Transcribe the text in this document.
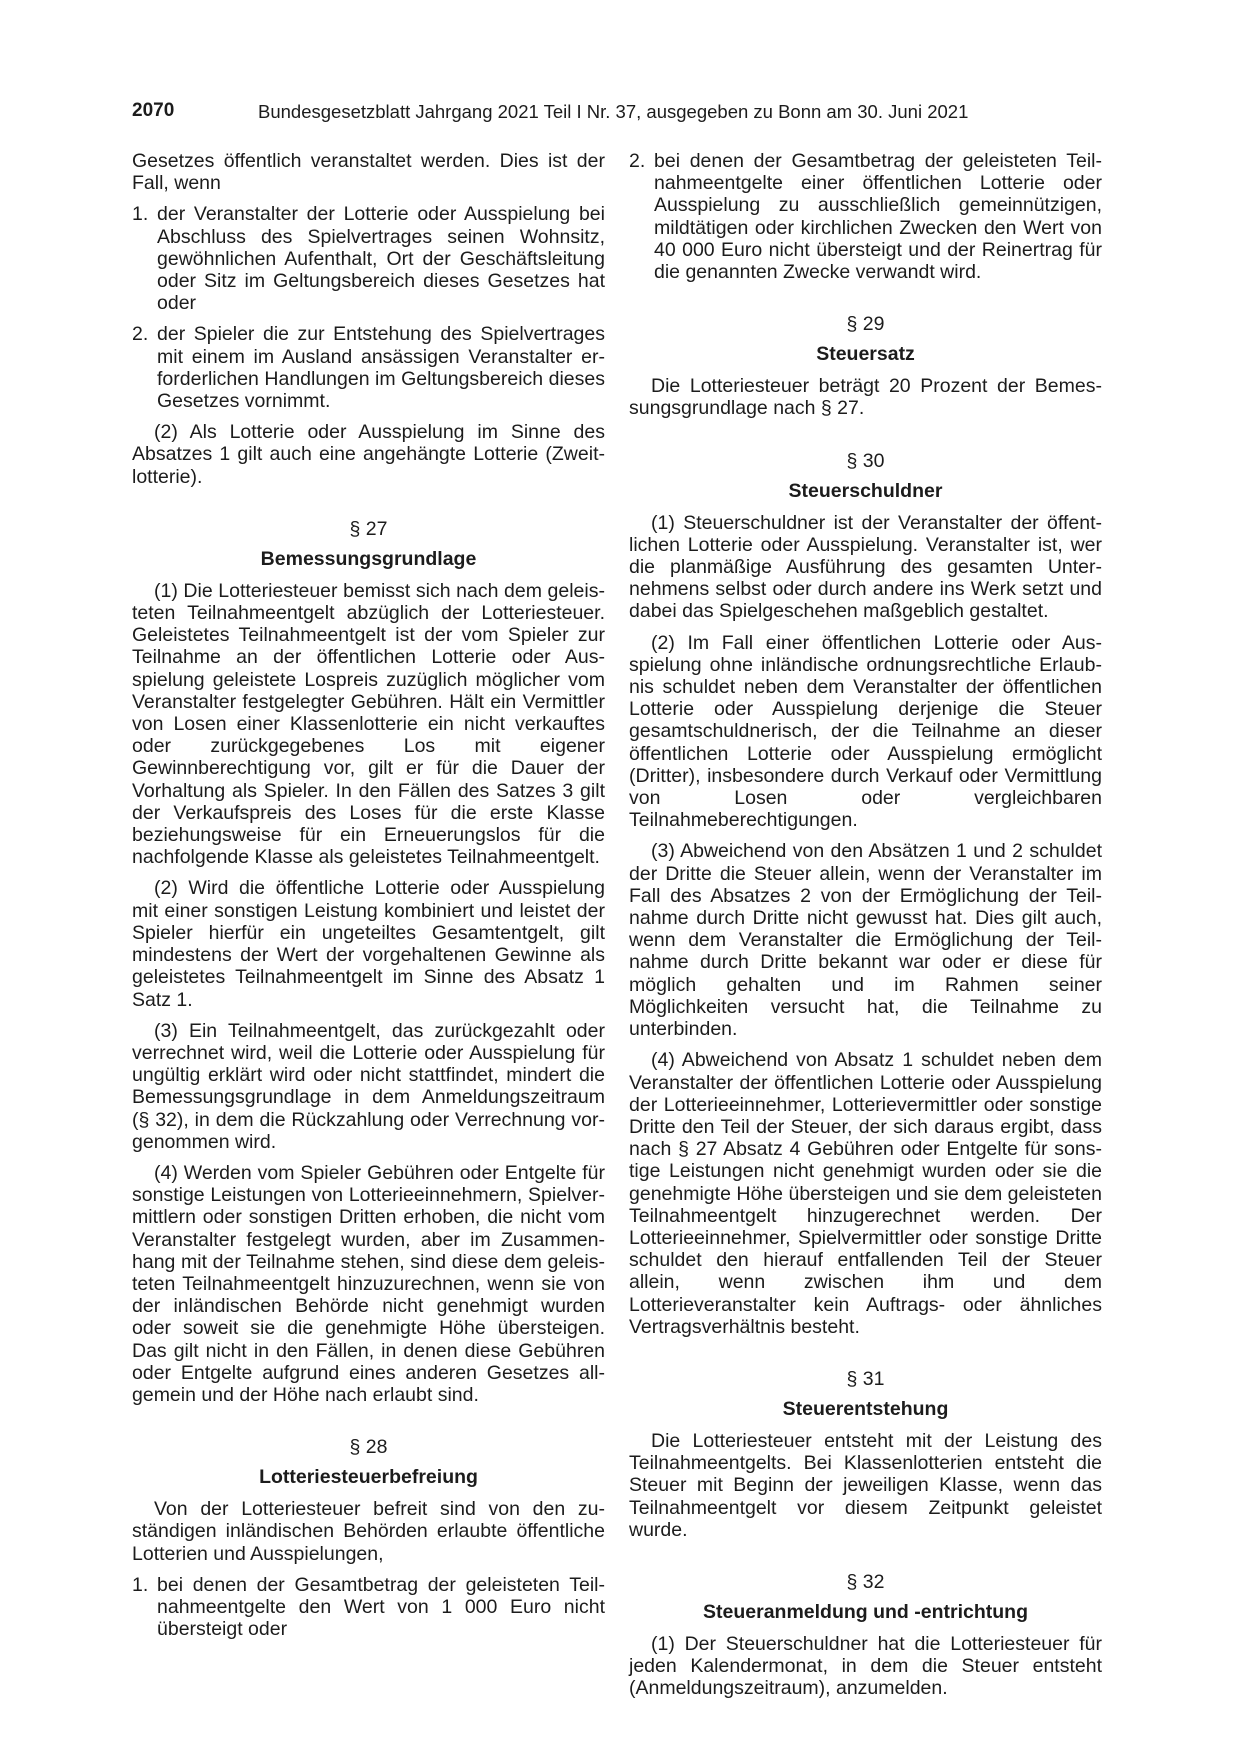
2070	Bundesgesetzblatt Jahrgang 2021 Teil I Nr. 37, ausgegeben zu Bonn am 30. Juni 2021

Gesetzes öffentlich veranstaltet werden. Dies ist der Fall, wenn

1. der Veranstalter der Lotterie oder Ausspielung bei Abschluss des Spielvertrages seinen Wohnsitz, gewöhnlichen Aufenthalt, Ort der Geschäftsleitung oder Sitz im Geltungsbereich dieses Gesetzes hat oder
2. der Spieler die zur Entstehung des Spielvertrages mit einem im Ausland ansässigen Veranstalter erforderlichen Handlungen im Geltungsbereich dieses Gesetzes vornimmt.

(2) Als Lotterie oder Ausspielung im Sinne des Absatzes 1 gilt auch eine angehängte Lotterie (Zweitlotterie).

§ 27
Bemessungsgrundlage

(1) Die Lotteriesteuer bemisst sich nach dem geleisteten Teilnahmeentgelt abzüglich der Lotteriesteuer. Geleistetes Teilnahmeentgelt ist der vom Spieler zur Teilnahme an der öffentlichen Lotterie oder Ausspielung geleistete Lospreis zuzüglich möglicher vom Veranstalter festgelegter Gebühren. Hält ein Vermittler von Losen einer Klassenlotterie ein nicht verkauftes oder zurückgegebenes Los mit eigener Gewinnberechtigung vor, gilt er für die Dauer der Vorhaltung als Spieler. In den Fällen des Satzes 3 gilt der Verkaufspreis des Loses für die erste Klasse beziehungsweise für ein Erneuerungslos für die nachfolgende Klasse als geleistetes Teilnahmeentgelt.

(2) Wird die öffentliche Lotterie oder Ausspielung mit einer sonstigen Leistung kombiniert und leistet der Spieler hierfür ein ungeteiltes Gesamtentgelt, gilt mindestens der Wert der vorgehaltenen Gewinne als geleistetes Teilnahmeentgelt im Sinne des Absatz 1 Satz 1.

(3) Ein Teilnahmeentgelt, das zurückgezahlt oder verrechnet wird, weil die Lotterie oder Ausspielung für ungültig erklärt wird oder nicht stattfindet, mindert die Bemessungsgrundlage in dem Anmeldungszeitraum (§ 32), in dem die Rückzahlung oder Verrechnung vorgenommen wird.

(4) Werden vom Spieler Gebühren oder Entgelte für sonstige Leistungen von Lotterieeinnehmern, Spielvermittlern oder sonstigen Dritten erhoben, die nicht vom Veranstalter festgelegt wurden, aber im Zusammenhang mit der Teilnahme stehen, sind diese dem geleisteten Teilnahmeentgelt hinzuzurechnen, wenn sie von der inländischen Behörde nicht genehmigt wurden oder soweit sie die genehmigte Höhe übersteigen. Das gilt nicht in den Fällen, in denen diese Gebühren oder Entgelte aufgrund eines anderen Gesetzes allgemein und der Höhe nach erlaubt sind.

§ 28
Lotteriesteuerbefreiung

Von der Lotteriesteuer befreit sind von den zuständigen inländischen Behörden erlaubte öffentliche Lotterien und Ausspielungen,

1. bei denen der Gesamtbetrag der geleisteten Teilnahmeentgelte den Wert von 1 000 Euro nicht übersteigt oder
2. bei denen der Gesamtbetrag der geleisteten Teilnahmeentgelte einer öffentlichen Lotterie oder Ausspielung zu ausschließlich gemeinnützigen, mildtätigen oder kirchlichen Zwecken den Wert von 40 000 Euro nicht übersteigt und der Reinertrag für die genannten Zwecke verwandt wird.
§ 29
Steuersatz

Die Lotteriesteuer beträgt 20 Prozent der Bemessungsgrundlage nach § 27.

§ 30
Steuerschuldner

(1) Steuerschuldner ist der Veranstalter der öffentlichen Lotterie oder Ausspielung. Veranstalter ist, wer die planmäßige Ausführung des gesamten Unternehmens selbst oder durch andere ins Werk setzt und dabei das Spielgeschehen maßgeblich gestaltet.

(2) Im Fall einer öffentlichen Lotterie oder Ausspielung ohne inländische ordnungsrechtliche Erlaubnis schuldet neben dem Veranstalter der öffentlichen Lotterie oder Ausspielung derjenige die Steuer gesamtschuldnerisch, der die Teilnahme an dieser öffentlichen Lotterie oder Ausspielung ermöglicht (Dritter), insbesondere durch Verkauf oder Vermittlung von Losen oder vergleichbaren Teilnahmeberechtigungen.

(3) Abweichend von den Absätzen 1 und 2 schuldet der Dritte die Steuer allein, wenn der Veranstalter im Fall des Absatzes 2 von der Ermöglichung der Teilnahme durch Dritte nicht gewusst hat. Dies gilt auch, wenn dem Veranstalter die Ermöglichung der Teilnahme durch Dritte bekannt war oder er diese für möglich gehalten und im Rahmen seiner Möglichkeiten versucht hat, die Teilnahme zu unterbinden.

(4) Abweichend von Absatz 1 schuldet neben dem Veranstalter der öffentlichen Lotterie oder Ausspielung der Lotterieeinnehmer, Lotterievermittler oder sonstige Dritte den Teil der Steuer, der sich daraus ergibt, dass nach § 27 Absatz 4 Gebühren oder Entgelte für sonstige Leistungen nicht genehmigt wurden oder sie die genehmigte Höhe übersteigen und sie dem geleisteten Teilnahmeentgelt hinzugerechnet werden. Der Lotterieeinnehmer, Spielvermittler oder sonstige Dritte schuldet den hierauf entfallenden Teil der Steuer allein, wenn zwischen ihm und dem Lotterieveranstalter kein Auftrags- oder ähnliches Vertragsverhältnis besteht.

§ 31
Steuerentstehung

Die Lotteriesteuer entsteht mit der Leistung des Teilnahmeentgelts. Bei Klassenlotterien entsteht die Steuer mit Beginn der jeweiligen Klasse, wenn das Teilnahmeentgelt vor diesem Zeitpunkt geleistet wurde.

§ 32
Steueranmeldung und -entrichtung

(1) Der Steuerschuldner hat die Lotteriesteuer für jeden Kalendermonat, in dem die Steuer entsteht (Anmeldungszeitraum), anzumelden.
